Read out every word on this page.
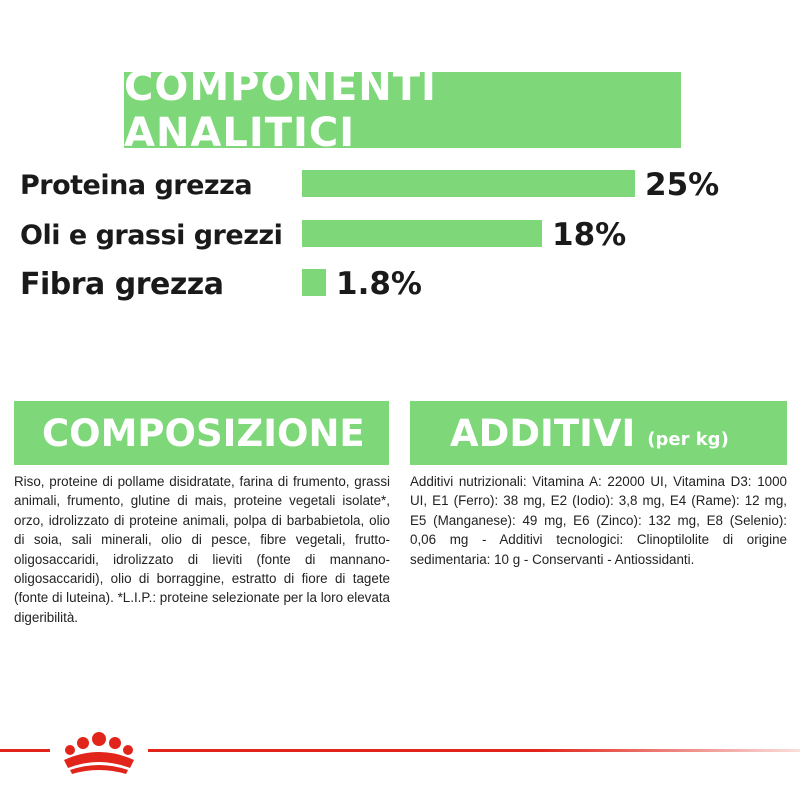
COMPONENTI ANALITICI
Proteina grezza	25%
Oli e grassi grezzi	18%
Fibra grezza	1.8%
COMPOSIZIONE

Riso, proteine di pollame disidratate, farina di frumento, grassi animali, frumento, glutine di mais, proteine vegetali isolate*, orzo, idrolizzato di proteine animali, polpa di barbabietola, olio di soia, sali minerali, olio di pesce, fibre vegetali, frutto-oligosaccaridi, idrolizzato di lieviti (fonte di mannano-oligosaccaridi), olio di borraggine, estratto di fiore di tagete (fonte di luteina). *L.I.P.: proteine selezionate per la loro elevata digeribilità.

ADDITIVI (per kg)

Additivi nutrizionali: Vitamina A: 22000 UI, Vitamina D3: 1000 UI, E1 (Ferro): 38 mg, E2 (Iodio): 3,8 mg, E4 (Rame): 12 mg, E5 (Manganese): 49 mg, E6 (Zinco): 132 mg, E8 (Selenio): 0,06 mg - Additivi tecnologici: Clinoptilolite di origine sedimentaria: 10 g - Conservanti - Antiossidanti.
